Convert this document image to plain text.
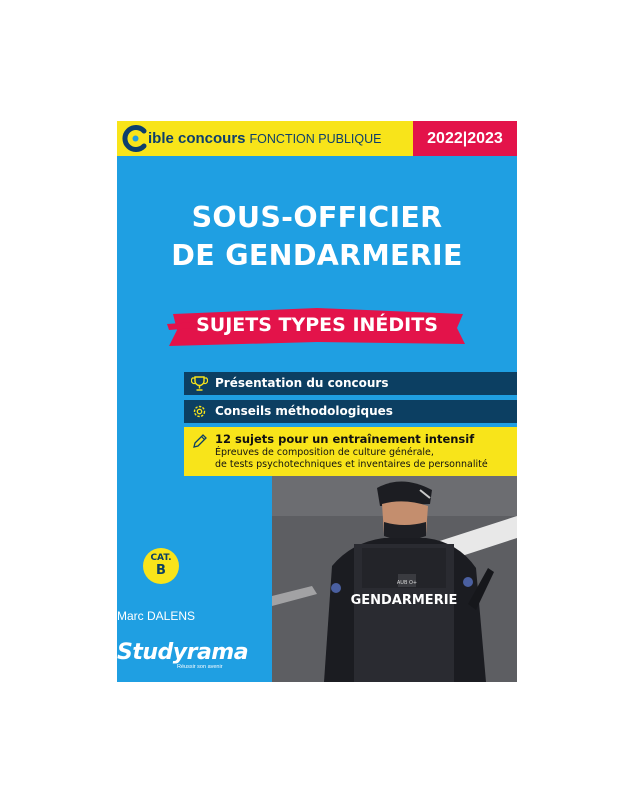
ible concours FONCTION PUBLIQUE	2022|2023
SOUS-OFFICIER
DE GENDARMERIE
SUJETS TYPES INÉDITS
Présentation du concours
Conseils méthodologiques
12 sujets pour un entraînement intensif
Épreuves de composition de culture générale,
de tests psychotechniques et inventaires de personnalité
GENDARMERIE
AUB O+
CAT.
B
Marc DALENS
Studyrama
Réussir son avenir
